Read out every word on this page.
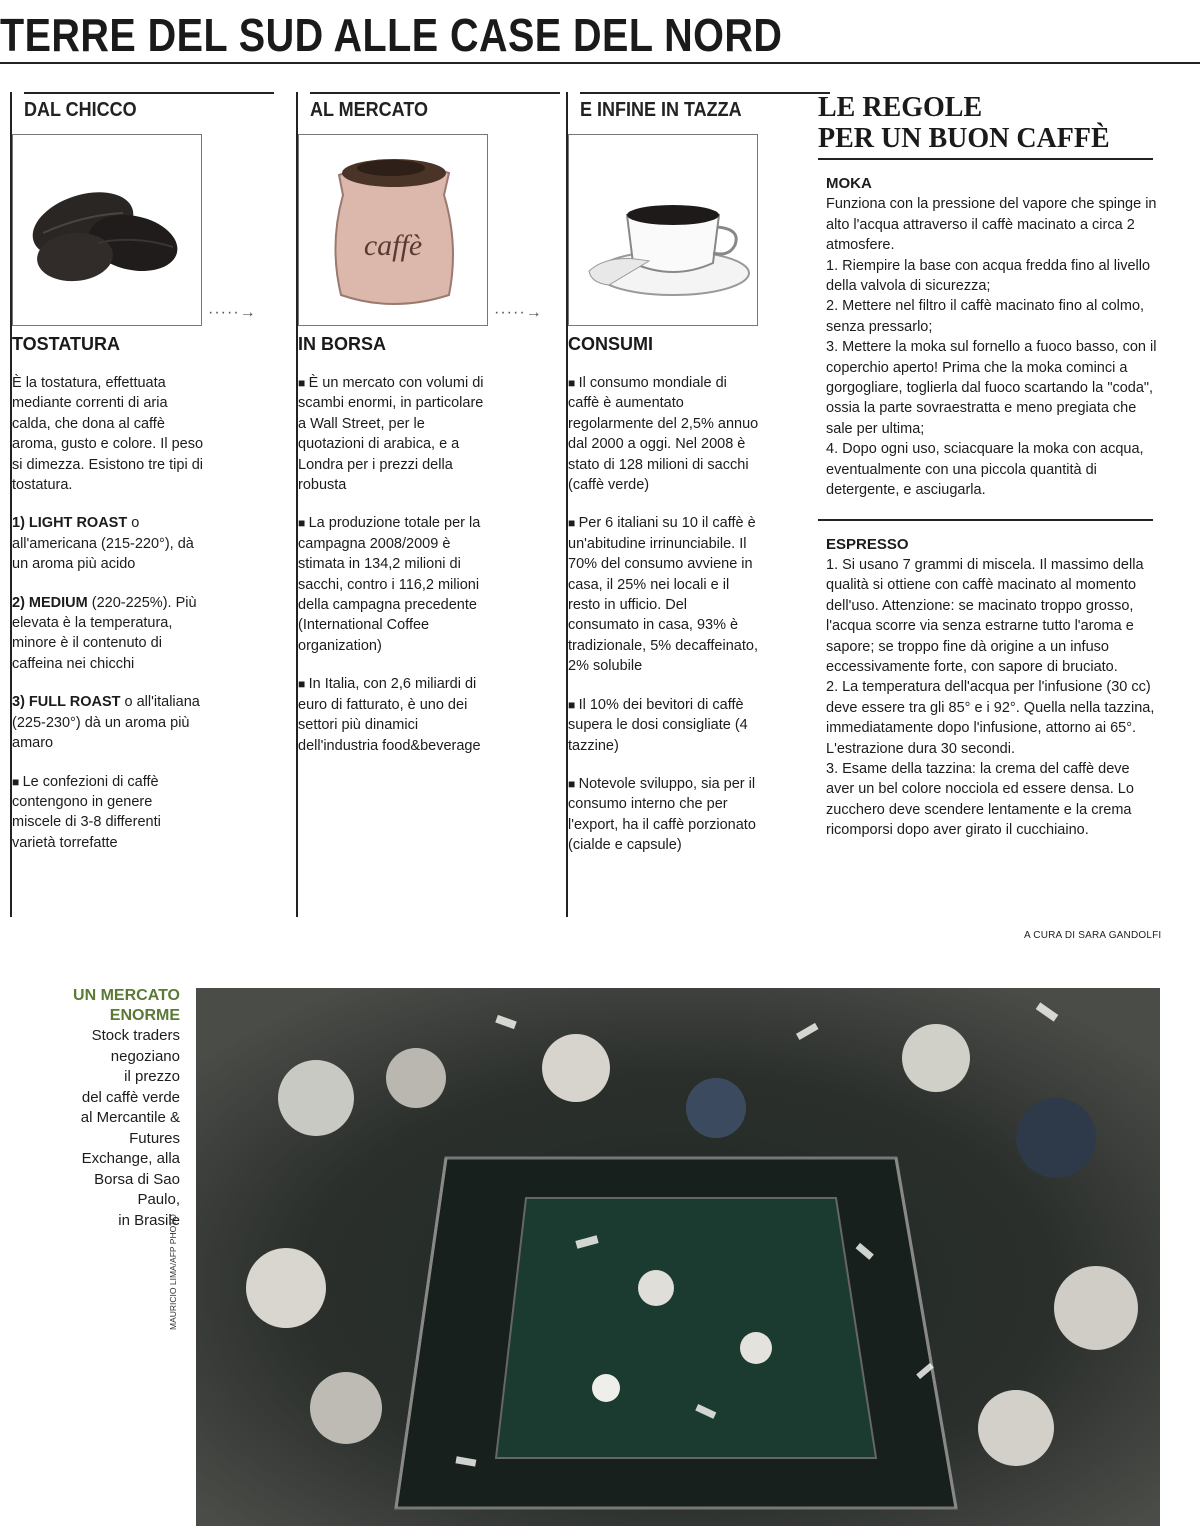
TERRE DEL SUD ALLE CASE DEL NORD
DAL CHICCO
·····→
TOSTATURA

È la tostatura, effettuata mediante correnti di aria calda, che dona al caffè aroma, gusto e colore. Il peso si dimezza. Esistono tre tipi di tostatura.

1) LIGHT ROAST o all'americana (215-220°), dà un aroma più acido

2) MEDIUM (220-225%). Più elevata è la temperatura, minore è il contenuto di caffeina nei chicchi

3) FULL ROAST o all'italiana (225-230°) dà un aroma più amaro

■ Le confezioni di caffè contengono in genere miscele di 3-8 differenti varietà torrefatte

AL MERCATO
caffè
·····→
IN BORSA

■ È un mercato con volumi di scambi enormi, in particolare a Wall Street, per le quotazioni di arabica, e a Londra per i prezzi della robusta

■ La produzione totale per la campagna 2008/2009 è stimata in 134,2 milioni di sacchi, contro i 116,2 milioni della campagna precedente (International Coffee organization)

■ In Italia, con 2,6 miliardi di euro di fatturato, è uno dei settori più dinamici dell'industria food&beverage

E INFINE IN TAZZA
CONSUMI

■ Il consumo mondiale di caffè è aumentato regolarmente del 2,5% annuo dal 2000 a oggi. Nel 2008 è stato di 128 milioni di sacchi (caffè verde)

■ Per 6 italiani su 10 il caffè è un'abitudine irrinunciabile. Il 70% del consumo avviene in casa, il 25% nei locali e il resto in ufficio. Del consumato in casa, 93% è tradizionale, 5% decaffeinato, 2% solubile

■ Il 10% dei bevitori di caffè supera le dosi consigliate (4 tazzine)

■ Notevole sviluppo, sia per il consumo interno che per l'export, ha il caffè porzionato (cialde e capsule)

LE REGOLE
PER UN BUON CAFFÈ
MOKA

Funziona con la pressione del vapore che spinge in alto l'acqua attraverso il caffè macinato a circa 2 atmosfere.

1. Riempire la base con acqua fredda fino al livello della valvola di sicurezza;

2. Mettere nel filtro il caffè macinato fino al colmo, senza pressarlo;

3. Mettere la moka sul fornello a fuoco basso, con il coperchio aperto! Prima che la moka cominci a gorgogliare, toglierla dal fuoco scartando la "coda", ossia la parte sovraestratta e meno pregiata che sale per ultima;

4. Dopo ogni uso, sciacquare la moka con acqua, eventualmente con una piccola quantità di detergente, e asciugarla.

ESPRESSO

1. Si usano 7 grammi di miscela. Il massimo della qualità si ottiene con caffè macinato al momento dell'uso. Attenzione: se macinato troppo grosso, l'acqua scorre via senza estrarne tutto l'aroma e sapore; se troppo fine dà origine a un infuso eccessivamente forte, con sapore di bruciato.

2. La temperatura dell'acqua per l'infusione (30 cc) deve essere tra gli 85° e i 92°. Quella nella tazzina, immediatamente dopo l'infusione, attorno ai 65°. L'estrazione dura 30 secondi.

3. Esame della tazzina: la crema del caffè deve aver un bel colore nocciola ed essere densa. Lo zucchero deve scendere lentamente e la crema ricomporsi dopo aver girato il cucchiaino.

A CURA DI SARA GANDOLFI
UN MERCATO
ENORME
Stock traders
negoziano
il prezzo
del caffè verde
al Mercantile &
Futures
Exchange, alla
Borsa di Sao
Paulo,
in Brasile
MAURICIO LIMA/AFP PHOTO
